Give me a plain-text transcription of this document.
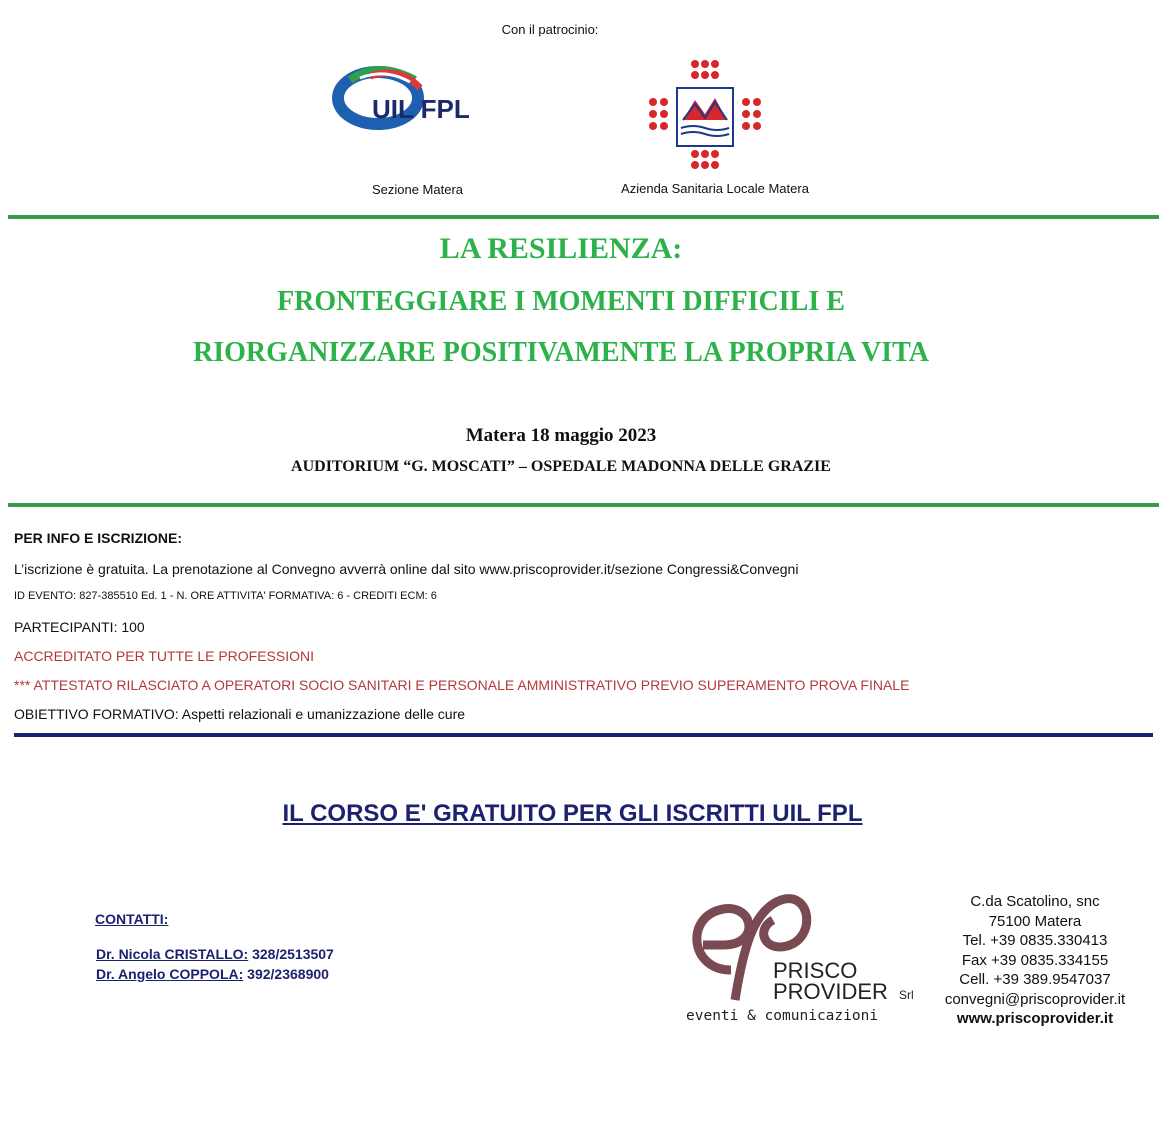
Con il patrocinio:
UIL FPL
Sezione Matera	Azienda Sanitaria Locale Matera
LA RESILIENZA:
FRONTEGGIARE I MOMENTI DIFFICILI E
RIORGANIZZARE POSITIVAMENTE LA PROPRIA VITA
Matera 18 maggio 2023
AUDITORIUM “G. MOSCATI” – OSPEDALE MADONNA DELLE GRAZIE
PER INFO E ISCRIZIONE:
L’iscrizione è gratuita. La prenotazione al Convegno avverrà online dal sito www.priscoprovider.it/sezione Congressi&Convegni
ID EVENTO: 827-385510 Ed. 1 - N. ORE ATTIVITA' FORMATIVA: 6 - CREDITI ECM: 6
PARTECIPANTI: 100
ACCREDITATO PER TUTTE LE PROFESSIONI
*** ATTESTATO RILASCIATO A OPERATORI SOCIO SANITARI E PERSONALE AMMINISTRATIVO PREVIO SUPERAMENTO PROVA FINALE
OBIETTIVO FORMATIVO: Aspetti relazionali e umanizzazione delle cure
IL CORSO E' GRATUITO PER GLI ISCRITTI UIL FPL
CONTATTI:
Dr. Nicola CRISTALLO: 328/2513507
Dr. Angelo COPPOLA: 392/2368900	PRISCO
PROVIDER Srl
eventi & comunicazioni
C.da Scatolino, snc
75100 Matera
Tel. +39 0835.330413
Fax +39 0835.334155
Cell. +39 389.9547037
convegni@priscoprovider.it
www.priscoprovider.it
